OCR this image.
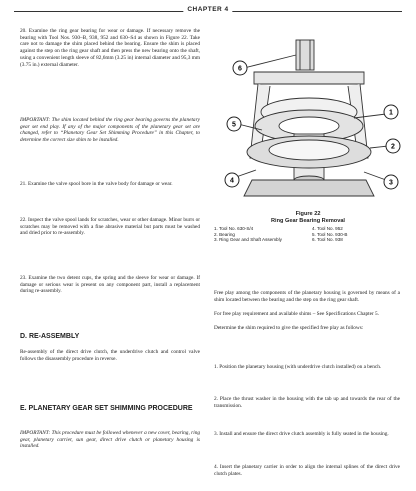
CHAPTER 4

20. Examine the ring gear bearing for wear or damage. If necessary remove the bearing with Tool Nos. 930–B, 938, 952 and 630–S4 as shown in Figure 22. Take care not to damage the shim placed behind the bearing. Ensure the shim is placed against the step on the ring gear shaft and then press the new bearing onto the shaft, using a convenient length sleeve of 82,6mm (3.25 in) internal diameter and 95,3 mm (3.75 in.) external diameter.

IMPORTANT: The shim located behind the ring gear bearing governs the planetary gear set end play. If any of the major components of the planetary gear set are changed, refer to “Planetary Gear Set Shimming Procedure” in this Chapter, to determine the correct size shim to be installed.

21. Examine the valve spool bore in the valve body for damage or wear.

22. Inspect the valve spool lands for scratches, wear or other damage. Minor burrs or scratches may be removed with a fine abrasive material but parts must be washed and dried prior to re-assembly.

23. Examine the two detent cups, the spring and the sleeve for wear or damage. If damage or serious wear is present on any component part, install a replacement during re-assembly.

D. RE-ASSEMBLY

Re-assembly of the direct drive clutch, the underdrive clutch and control valve follows the disassembly procedure in reverse.

E. PLANETARY GEAR SET SHIMMING PROCEDURE

IMPORTANT: This procedure must be followed whenever a new cover, bearing, ring gear, planetary carrier, sun gear, direct drive clutch or planetary housing is installed.

6
5
4
1
2
3
Figure 22
Ring Gear Bearing Removal
1. Tool No. 630-S/4	4. Tool No. 952
2. Bearing	5. Tool No. 930-B
3. Ring Gear and Shaft Assembly	6. Tool No. 938

Free play among the components of the planetary housing is governed by means of a shim located between the bearing and the step on the ring gear shaft.

For free play requirement and available shims – See Specifications Chapter 5.

Determine the shim required to give the specified free play as follows:

1. Position the planetary housing (with underdrive clutch installed) on a bench.

2. Place the thrust washer in the housing with the tab up and towards the rear of the transmission.

3. Install and ensure the direct drive clutch assembly is fully seated in the housing.

4. Insert the planetary carrier in order to align the internal splines of the direct drive clutch plates.
